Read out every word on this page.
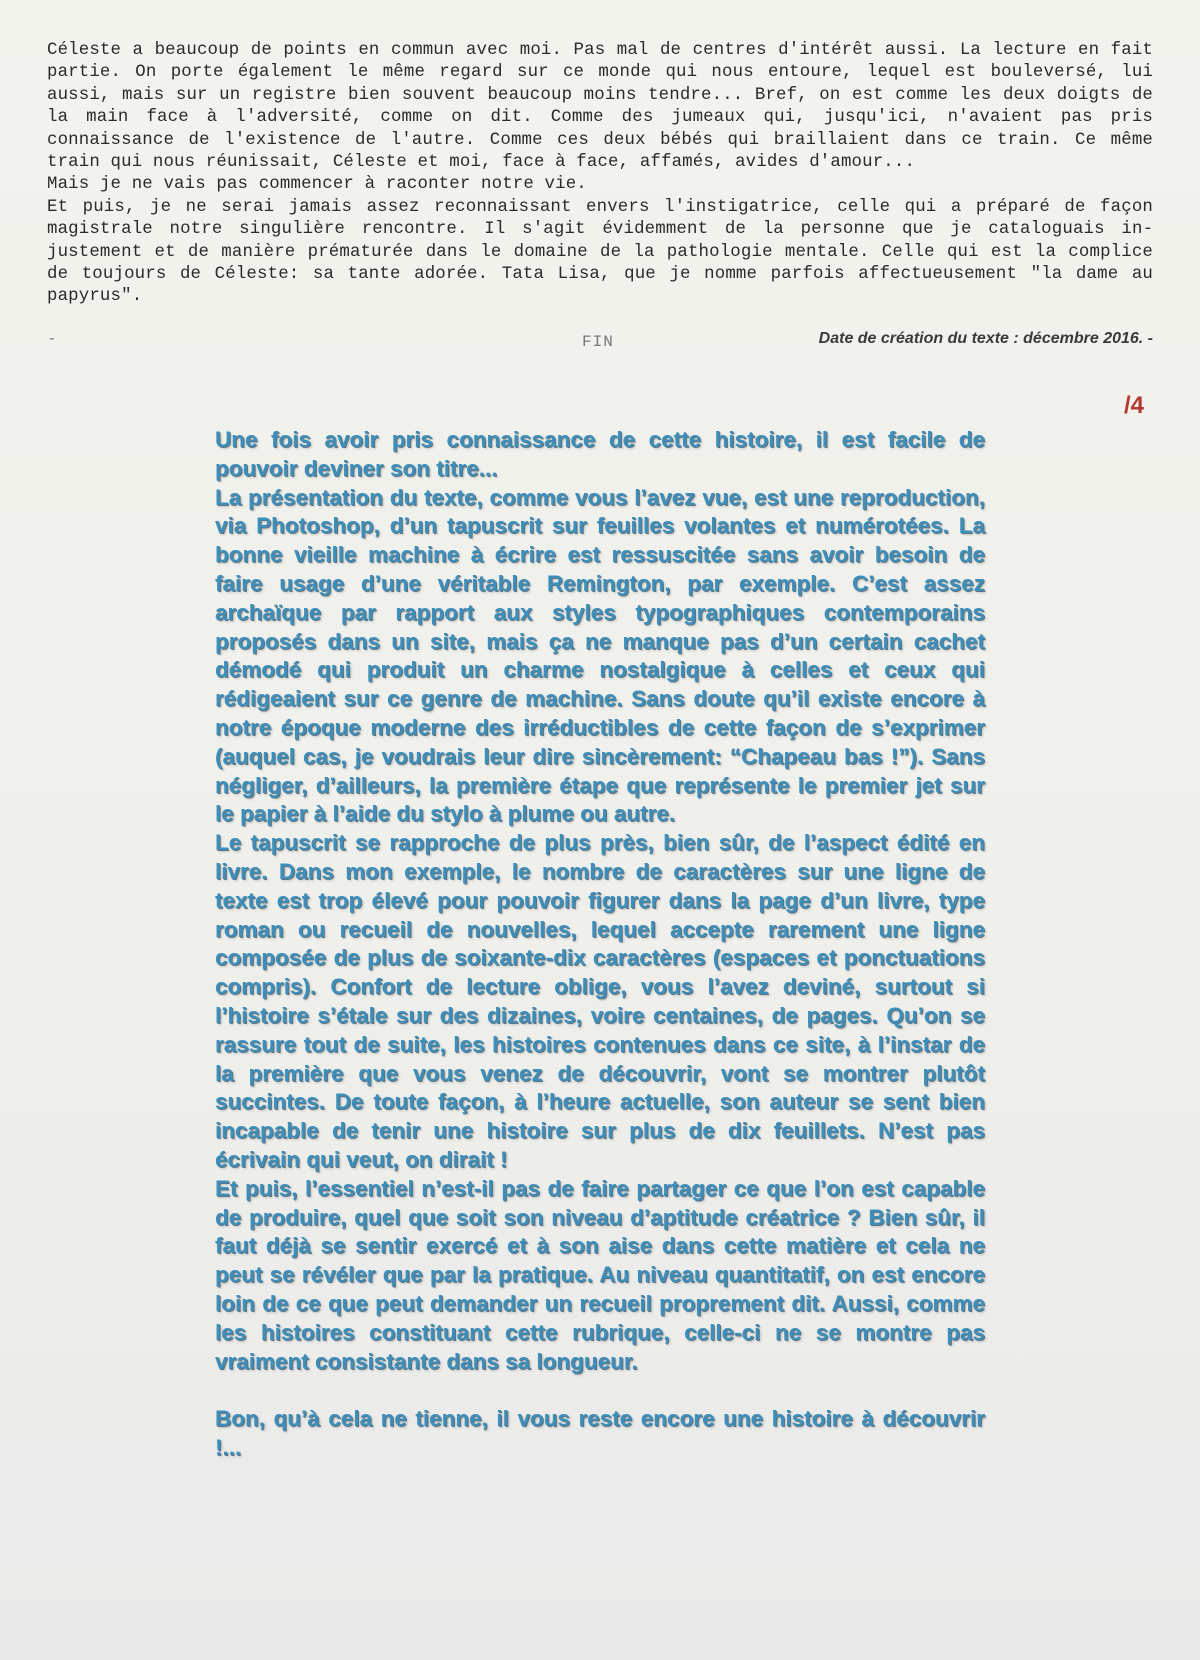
Céleste a beaucoup de points en commun avec moi. Pas mal de centres d'intérêt aussi. La lecture en fait partie. On porte également le même regard sur ce monde qui nous entoure, lequel est bouleversé, lui aussi, mais sur un registre bien souvent beaucoup moins tendre... Bref, on est comme les deux doigts de la main face à l'adversité, comme on dit. Comme des jumeaux qui, jusqu'ici, n'avaient pas pris connaissance de l'existence de l'autre. Comme ces deux bébés qui braillaient dans ce train. Ce même train qui nous réunissait, Céleste et moi, face à face, affamés, avides d'amour...

Mais je ne vais pas commencer à raconter notre vie.

Et puis, je ne serai jamais assez reconnaissant envers l'instigatrice, celle qui a préparé de façon magistrale notre singulière rencontre. Il s'agit évidemment de la personne que je cataloguais injustement et de manière prématurée dans le domaine de la pathologie mentale. Celle qui est la complice de toujours de Céleste: sa tante adorée. Tata Lisa, que je nomme parfois affectueusement "la dame au papyrus".

-	FIN	Date de création du texte : décembre 2016. -
/4

Une fois avoir pris connaissance de cette histoire, il est facile de pouvoir deviner son titre...

La présentation du texte, comme vous l’avez vue, est une reproduction, via Photoshop, d’un tapuscrit sur feuilles volantes et numérotées. La bonne vieille machine à écrire est ressuscitée sans avoir besoin de faire usage d’une véritable Remington, par exemple. C’est assez archaïque par rapport aux styles typographiques contemporains proposés dans un site, mais ça ne manque pas d’un certain cachet démodé qui produit un charme nostalgique à celles et ceux qui rédigeaient sur ce genre de machine. Sans doute qu’il existe encore à notre époque moderne des irréductibles de cette façon de s’exprimer (auquel cas, je voudrais leur dire sincèrement: “Chapeau bas !”). Sans négliger, d’ailleurs, la première étape que représente le premier jet sur le papier à l’aide du stylo à plume ou autre.

Le tapuscrit se rapproche de plus près, bien sûr, de l’aspect édité en livre. Dans mon exemple, le nombre de caractères sur une ligne de texte est trop élevé pour pouvoir figurer dans la page d’un livre, type roman ou recueil de nouvelles, lequel accepte rarement une ligne composée de plus de soixante-dix caractères (espaces et ponctuations compris). Confort de lecture oblige, vous l’avez deviné, surtout si l’histoire s’étale sur des dizaines, voire centaines, de pages. Qu’on se rassure tout de suite, les histoires contenues dans ce site, à l’instar de la première que vous venez de découvrir, vont se montrer plutôt succintes. De toute façon, à l’heure actuelle, son auteur se sent bien incapable de tenir une histoire sur plus de dix feuillets. N’est pas écrivain qui veut, on dirait !

Et puis, l’essentiel n’est-il pas de faire partager ce que l’on est capable de produire, quel que soit son niveau d’aptitude créatrice ? Bien sûr, il faut déjà se sentir exercé et à son aise dans cette matière et cela ne peut se révéler que par la pratique. Au niveau quantitatif, on est encore loin de ce que peut demander un recueil proprement dit. Aussi, comme les histoires constituant cette rubrique, celle-ci ne se montre pas vraiment consistante dans sa longueur.

Bon, qu’à cela ne tienne, il vous reste encore une histoire à découvrir !...
